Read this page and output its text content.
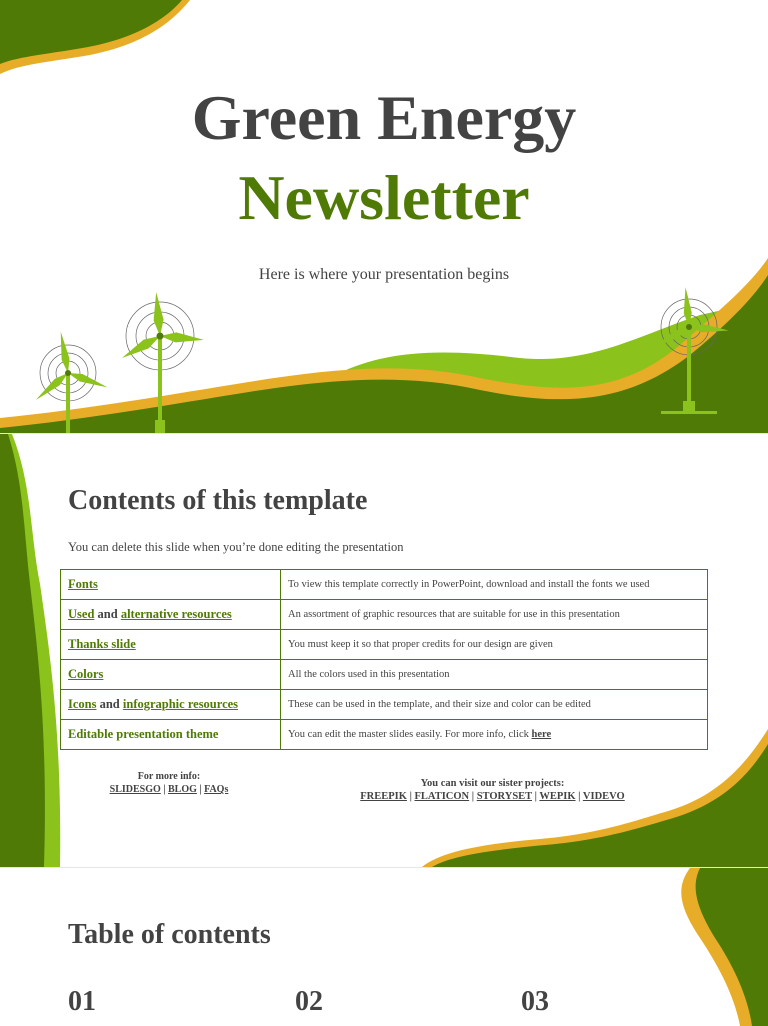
Green Energy
Newsletter
Here is where your presentation begins
Contents of this template
You can delete this slide when you’re done editing the presentation
Fonts	To view this template correctly in PowerPoint, download and install the fonts we used
Used and alternative resources	An assortment of graphic resources that are suitable for use in this presentation
Thanks slide	You must keep it so that proper credits for our design are given
Colors	All the colors used in this presentation
Icons and infographic resources	These can be used in the template, and their size and color can be edited
Editable presentation theme	You can edit the master slides easily. For more info, click here
For more info:
SLIDESGO | BLOG | FAQs
You can visit our sister projects:
FREEPIK | FLATICON | STORYSET | WEPIK | VIDEVO
Table of contents
01	02	03
